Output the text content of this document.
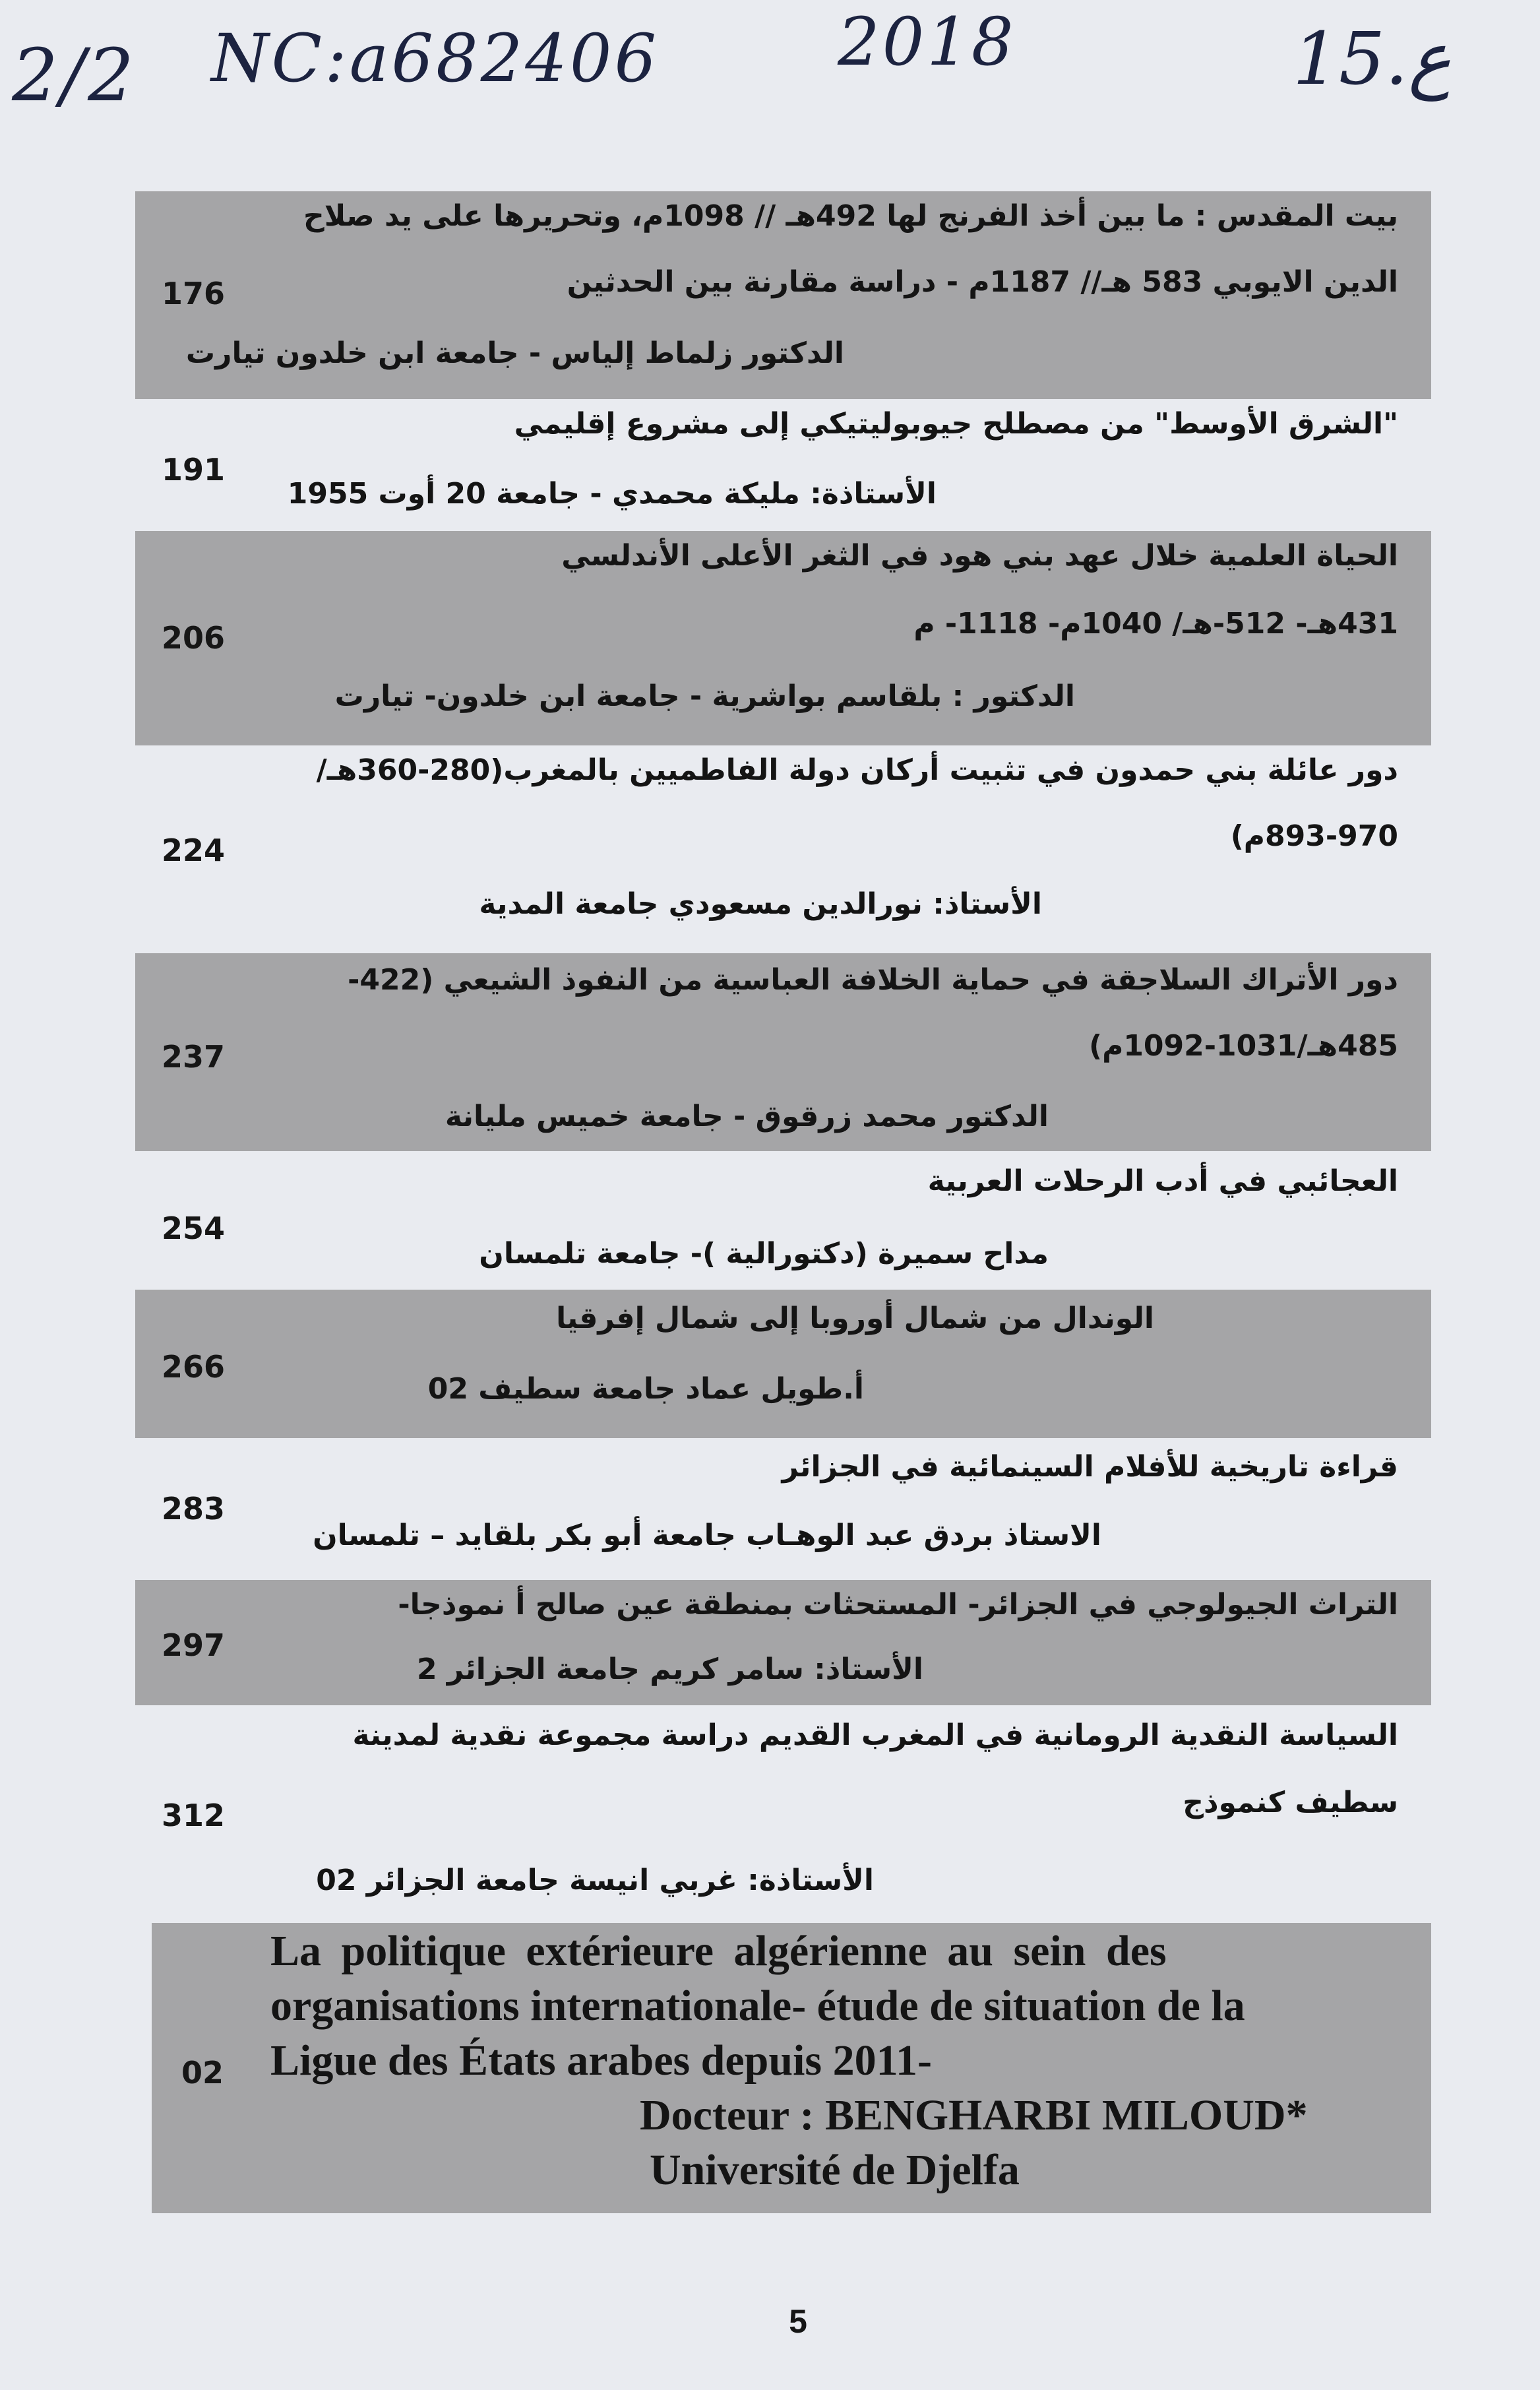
2/2 NC:a682406	2018	15.ع
176
بيت المقدس : ما بين أخذ الفرنج لها 492هـ // 1098م، وتحريرها على يد صلاح
الدين الايوبي 583 هـ// 1187م - دراسة مقارنة بين الحدثين
الدكتور زلماط إلياس - جامعة ابن خلدون تيارت
191
"الشرق الأوسط" من مصطلح جيوبوليتيكي إلى مشروع إقليمي
الأستاذة: مليكة محمدي - جامعة 20 أوت 1955
206
الحياة العلمية خلال عهد بني هود في الثغر الأعلى الأندلسي
431هـ- 512-هـ/ 1040م- 1118- م
الدكتور : بلقاسم بواشرية - جامعة ابن خلدون- تيارت
224
دور عائلة بني حمدون في تثبيت أركان دولة الفاطميين بالمغرب(280-360هـ/
893-970م)
الأستاذ: نورالدين مسعودي جامعة المدية
237
دور الأتراك السلاجقة في حماية الخلافة العباسية من النفوذ الشيعي (422-
485هـ/1031-1092م)
الدكتور محمد زرقوق - جامعة خميس مليانة
254
العجائبي في أدب الرحلات العربية
مداح سميرة (دكتورالية )- جامعة تلمسان
266
الوندال من شمال أوروبا إلى شمال إفرقيا
أ.طويل عماد جامعة سطيف 02
283
قراءة تاريخية للأفلام السينمائية في الجزائر
الاستاذ بردق عبد الوهـاب جامعة أبو بكر بلقايد – تلمسان
297
التراث الجيولوجي في الجزائر- المستحثات بمنطقة عين صالح أ نموذجا-
الأستاذ: سامر كريم جامعة الجزائر 2
312
السياسة النقدية الرومانية في المغرب القديم دراسة مجموعة نقدية لمدينة
سطيف كنموذج
الأستاذة: غربي انيسة جامعة الجزائر 02
02
La politique extérieure algérienne au sein des
organisations internationale- étude de situation de la
Ligue des États arabes depuis 2011-
Docteur : BENGHARBI MILOUD*
Université de Djelfa
5
